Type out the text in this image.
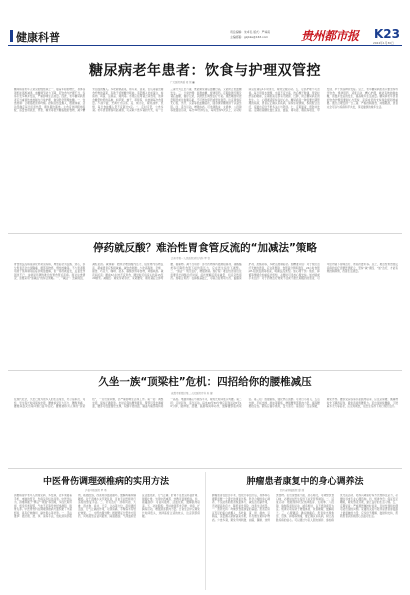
健康科普	责任编辑：朱卓名 版式：严舜甫
主编邮箱：gzjbke@163.com	贵州都市报 K23
2024年1月30日
糖尿病老年患者：饮食与护理双管控
广元医院供稿 梁 悦 ■
糖尿病是老年人常见的慢性病之一，随着年龄的增长，身体各项机能逐渐减退，血糖调节能力下降，若饮食与护理不当，容易引发多种并发症，严重影响生活质量。因此，老年糖尿病患者应当重视饮食控制与日常护理，做到科学管理血糖。一、饮食控制：合理搭配营养均衡。控制总热量摄入，根据体重、活动量确定每日所需热量，避免暴饮暴食。主食宜选择粗细搭配，适量食用燕麦、荞麦、糙米等低升糖指数的食物，减少精米白面的摄入。多吃新鲜蔬菜，如芹菜、菠菜、苦瓜等富含膳食纤维的蔬菜，有助于延缓糖分吸收。适量摄入优质蛋白，如鱼肉、鸡蛋、豆制品、瘦肉等。水果应在两餐之间食用，选择含糖量较低的品种，如苹果、柚子、草莓等，并控制每次食用量。少油少盐，烹调方式以蒸、煮、炖为主，避免油炸、煎烤，每日食盐摄入量不宜超过5克。二、定时定量，少食多餐。老年患者胃肠功能减弱，可采取少食多餐的方式，将一日三餐分为五至六餐，既能避免餐后血糖过高，又能防止低血糖发生。三、日常护理：监测血糖，规律用药。定期监测空腹及餐后血糖，做好记录，以便医生调整治疗方案。遵医嘱按时按量服药或注射胰岛素，不可擅自停药或更改剂量。注意观察有无心慌、出汗、头晕等低血糖症状，随身携带糖果饼干以备急用。四、适当运动，增强体质。可选择散步、太极拳、八段锦等低强度运动，每次30分钟左右，每周坚持5次以上，运动时间宜在餐后1小时进行，避免空腹运动。五、足部护理不可忽视。每日用温水洗脚，水温不宜过高，洗后擦干趾缝，穿宽松舒适的鞋袜，定期检查足部有无破损、红肿，防止糖尿病足的发生。六、心理调适保持良好心态。糖尿病是一种需要长期管理的疾病，患者应正确认识疾病，保持乐观情绪，积极配合治疗，家属也应给予更多关心与陪伴。七、定期复查，预防并发症。定期检查糖化血红蛋白、血脂、肾功能、眼底等项目，早发现、早干预各种并发症。总之，老年糖尿病患者只要坚持科学饮食、规律用药、适度运动、精心护理，就能有效控制血糖，延缓并发症的发生，提高晚年生活质量。糖尿病老年患者的饮食护理需要耐心与坚持，家庭成员的支持和监督同样重要。通过合理安排一日三餐、严格控制甜食、戒烟限酒，患者完全可以与疾病和平共处，享受健康的晚年生活。
停药就反酸？难治性胃食管反流的“加减法”策略
达州市第一人民医院消化内科 罗 钦
胃食管反流病是消化科常见疾病，典型症状为反酸、烧心，部分患者还会出现胸痛、咽部异物感、慢性咳嗽等。不少患者服用质子泵抑制剂后症状明显缓解，但一停药就复发，反复发作困扰不已，这就是所谓的难治性胃食管反流病。面对这类情况，需要采用“加减法”的综合策略。一、“减法”：去除诱因，减轻负担。减体重：肥胖会增加腹内压力，促使胃内容物反流，超重患者应积极减重。减饮食刺激：少吃高脂肪、辛辣、甜食、巧克力、咖啡、浓茶、碳酸饮料等食物，戒烟戒酒。减夜间反流：睡前3小时内不宜进食，睡觉时可将床头抬高15至20厘米。减腹压：避免穿紧身衣、束紧腰带，避免餐后立即弯腰、提重物。减不当用药：部分药物如钙通道阻滞剂、硝酸酯类等可降低食管下括约肌压力，应在医生指导下调整。二、“加法”：规范治疗，增强防御。加疗程：难治性患者往往需要延长抑酸治疗时间，症状缓解后逐步减量，切忌突然停药。加联合用药：在抑酸基础上，可联合促胃动力药、黏膜保护剂、抗酸剂等，多靶点控制症状。加精准评估：对于规范治疗无效的患者，应完善胃镜、食管高分辨率测压、24小时食管pH-阻抗监测等检查，明确反流类型。加心理干预：焦虑、抑郁等情绪会加重症状感知，必要时可寻求心理支持。加内镜或手术治疗：对于药物治疗效果不佳或不愿长期服药的患者，可考虑内镜下射频治疗、胃底折叠术等。总之，难治性胃食管反流病的治疗需要医患配合，坚持“减”诱因、“加”治疗，才能有效控制病情，改善生活质量。
久坐一族“顶梁柱”危机：四招给你的腰椎减压
成都市新都区第二人民医院骨科 朱 健
在现代社会，久坐已成为很多人的生活常态，办公室职员、司机、学生等长时间保持坐姿，腰椎承受巨大压力，腰酸背痛、腰椎间盘突出等问题日益年轻化。腰椎被称为人体的“顶梁柱”，一旦出现问题，会严重影响生活和工作。第一招：调整坐姿，保持正确姿势。坐时应保持腰背挺直，臀部尽量坐满椅面，腰部可放置靠垫支撑，双脚平放地面，膝盖与髋部保持同一高度。电脑屏幕应与视线平齐，避免长时间低头弯腰。第二招：定时起身，适当活动。每坐40至50分钟应起身活动5至10分钟，做伸展、扭腰、踮脚等简单动作，缓解腰部肌肉紧张。第三招：加强锻炼，强化核心肌群。可进行小燕飞、五点支撑、平板支撑、游泳等锻炼，增强腰背部肌肉力量，提高腰椎稳定性。锻炼应循序渐进，量力而行。第四招：注意保暖，避免外伤。腰部受凉容易引起肌肉痉挛，应注意保暖；搬重物时先下蹲再起身，避免直接弯腰用力。若出现持续腰痛、下肢麻木无力等症状，应及时就医，在医生指导下进行规范治疗。
中医骨伤调理颈椎病的实用方法
泸县中医医院 罗 勇
颈椎病是中老年人的常见病、多发病，近年来随着手机、电脑的普及，发病呈年轻化趋势。中医学认为，颈椎病属于“痹证”“项强”等范畴，多因长期劳损、感受风寒湿邪、气血不足等导致经络痹阻、筋骨失养。中医骨伤科在调理颈椎病方面积累了丰富经验，具有疗效确切、副作用小等优势。一、手法推拿：通过揉、按、拿、滚等手法，放松颈肩部肌肉，疏通经络，改善局部血液循环，缓解疼痛和僵硬感。对于颈椎小关节紊乱者，可由专业医师进行适度的整复手法。二、针灸治疗：选取风池、大椎、颈夹脊、肩井、天宗、合谷等穴位，起到通经活络、行气止痛的作用，对颈肩痛、手臂麻木有较好效果。三、中药内服外敷：根据辨证分型选方用药，风寒湿型宜祛风散寒、除湿通络；气滞血瘀型宜活血化瘀、行气止痛；肝肾不足型宜补益肝肾、强筋壮骨。外用中药熏蒸、热敷可温通经络。四、拔罐刮痧：可祛风散寒、活血化瘀，缓解肌肉痉挛。五、功能锻炼：坚持做颈部米字操、耸肩、扩胸等运动，增强颈部肌肉力量。日常生活中应避免长时间低头，选择高度合适的枕头，注意颈部保暖。
肿瘤患者康复中的身心调养法
四川省肿瘤医院 廖 丽
肿瘤患者在经历手术、放化疗等治疗后，身体和心理都需要一个漫长的康复过程。科学合理的身心调养，不仅能帮助患者恢复体力、减轻治疗副作用，还能提高免疫力、降低复发风险、改善生活质量。一、营养支持：均衡饮食是康复的基础。患者应保证充足的蛋白质摄入，多吃鱼、蛋、奶、瘦肉、豆制品，适量摄入新鲜蔬菜水果，补充维生素和矿物质。少食多餐，避免辛辣刺激、油腻、腌制、烧烤类食物。若出现食欲不振、恶心呕吐，可调整饮食口味，必要时在医生指导下补充营养制剂。二、适度运动：根据身体状况选择散步、太极拳、八段锦、瑜伽等温和运动，循序渐进，以不感到疲劳为宜。规律运动有助于增强体质、改善睡眠、缓解疲乏。三、心理调适：确诊肿瘤后，患者常出现焦虑、恐惧、抑郁等情绪，要正确认识疾病，树立战胜疾病的信心。可以通过与家人朋友倾诉、参加病友交流活动、培养兴趣爱好等方式转移注意力，必要时寻求专业心理咨询。四、规律作息：保证充足睡眠，避免熬夜劳累，建立良好的生活习惯。五、定期复查：严格遵医嘱按时复查，及时发现和处理可能出现的问题。家属的关爱与陪伴是患者康复路上最温暖的力量，应多给予理解、鼓励和支持，帮助患者以积极的心态面对生活。
